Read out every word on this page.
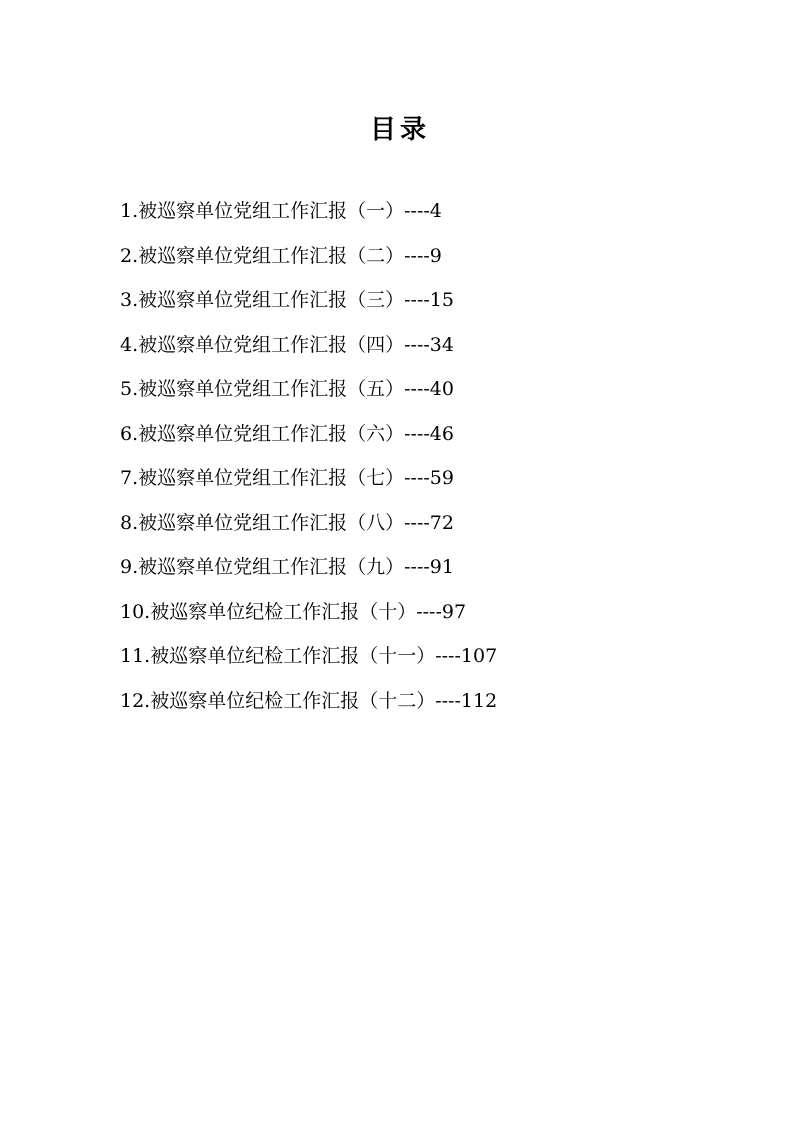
目录
1.被巡察单位党组工作汇报（一）----4
2.被巡察单位党组工作汇报（二）----9
3.被巡察单位党组工作汇报（三）----15
4.被巡察单位党组工作汇报（四）----34
5.被巡察单位党组工作汇报（五）----40
6.被巡察单位党组工作汇报（六）----46
7.被巡察单位党组工作汇报（七）----59
8.被巡察单位党组工作汇报（八）----72
9.被巡察单位党组工作汇报（九）----91
10.被巡察单位纪检工作汇报（十）----97
11.被巡察单位纪检工作汇报（十一）----107
12.被巡察单位纪检工作汇报（十二）----112
